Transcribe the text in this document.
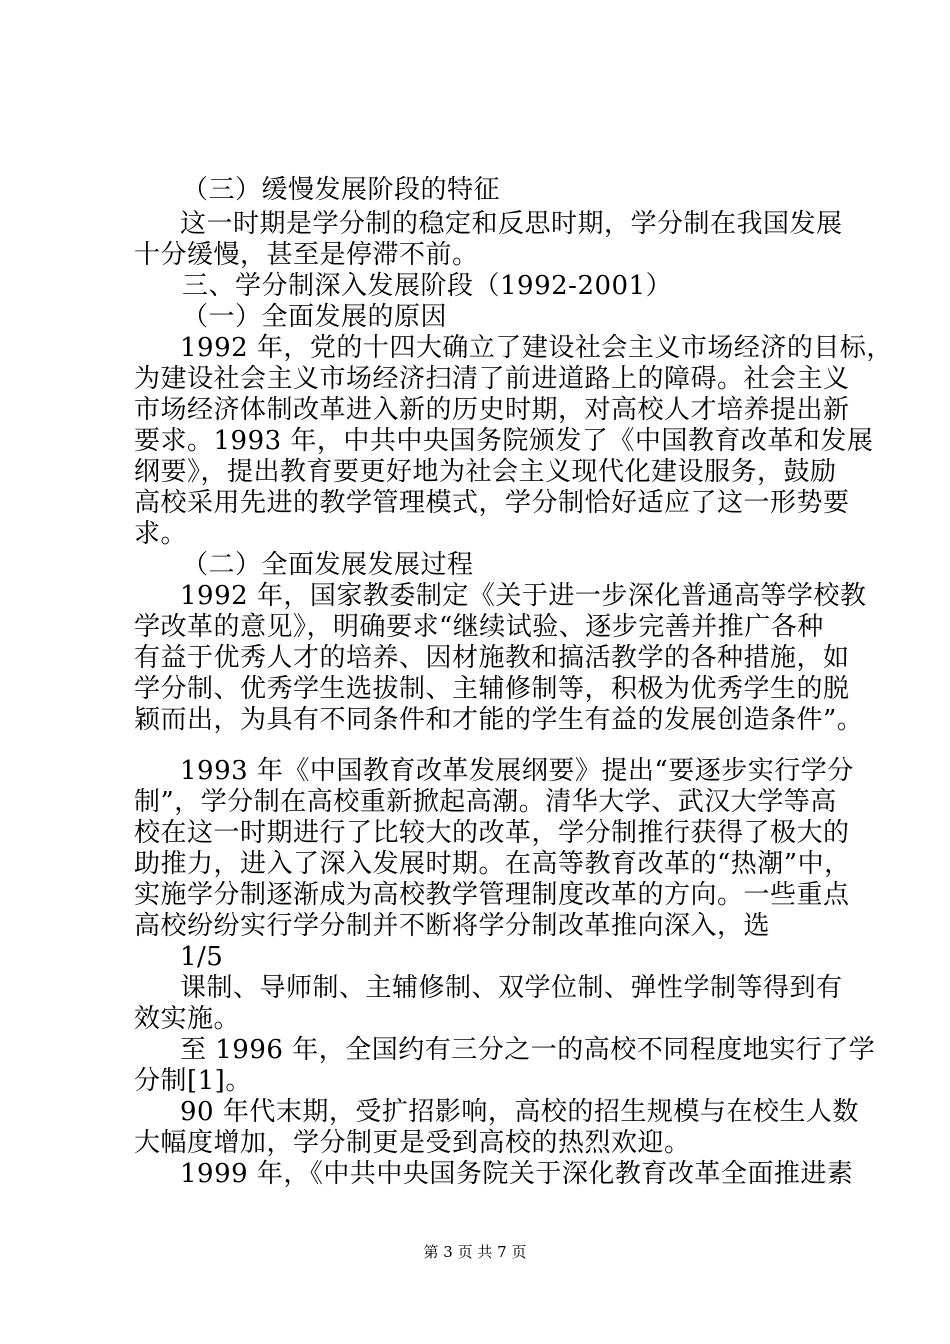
（三）缓慢发展阶段的特征
这一时期是学分制的稳定和反思时期，学分制在我国发展
十分缓慢，甚至是停滞不前。
三、学分制深入发展阶段（1992-2001）
（一）全面发展的原因
1992 年，党的十四大确立了建设社会主义市场经济的目标，
为建设社会主义市场经济扫清了前进道路上的障碍。社会主义
市场经济体制改革进入新的历史时期，对高校人才培养提出新
要求。1993 年，中共中央国务院颁发了《中国教育改革和发展
纲要》，提出教育要更好地为社会主义现代化建设服务，鼓励
高校采用先进的教学管理模式，学分制恰好适应了这一形势要
求。
（二）全面发展发展过程
1992 年，国家教委制定《关于进一步深化普通高等学校教
学改革的意见》，明确要求“继续试验、逐步完善并推广各种
有益于优秀人才的培养、因材施教和搞活教学的各种措施，如
学分制、优秀学生选拔制、主辅修制等，积极为优秀学生的脱
颖而出，为具有不同条件和才能的学生有益的发展创造条件”。
1993 年《中国教育改革发展纲要》提出“要逐步实行学分
制”，学分制在高校重新掀起高潮。清华大学、武汉大学等高
校在这一时期进行了比较大的改革，学分制推行获得了极大的
助推力，进入了深入发展时期。在高等教育改革的“热潮”中，
实施学分制逐渐成为高校教学管理制度改革的方向。一些重点
高校纷纷实行学分制并不断将学分制改革推向深入，选
1/5
课制、导师制、主辅修制、双学位制、弹性学制等得到有
效实施。
至 1996 年，全国约有三分之一的高校不同程度地实行了学
分制[1]。
90 年代末期，受扩招影响，高校的招生规模与在校生人数
大幅度增加，学分制更是受到高校的热烈欢迎。
1999 年，《中共中央国务院关于深化教育改革全面推进素
第 3 页 共 7 页
